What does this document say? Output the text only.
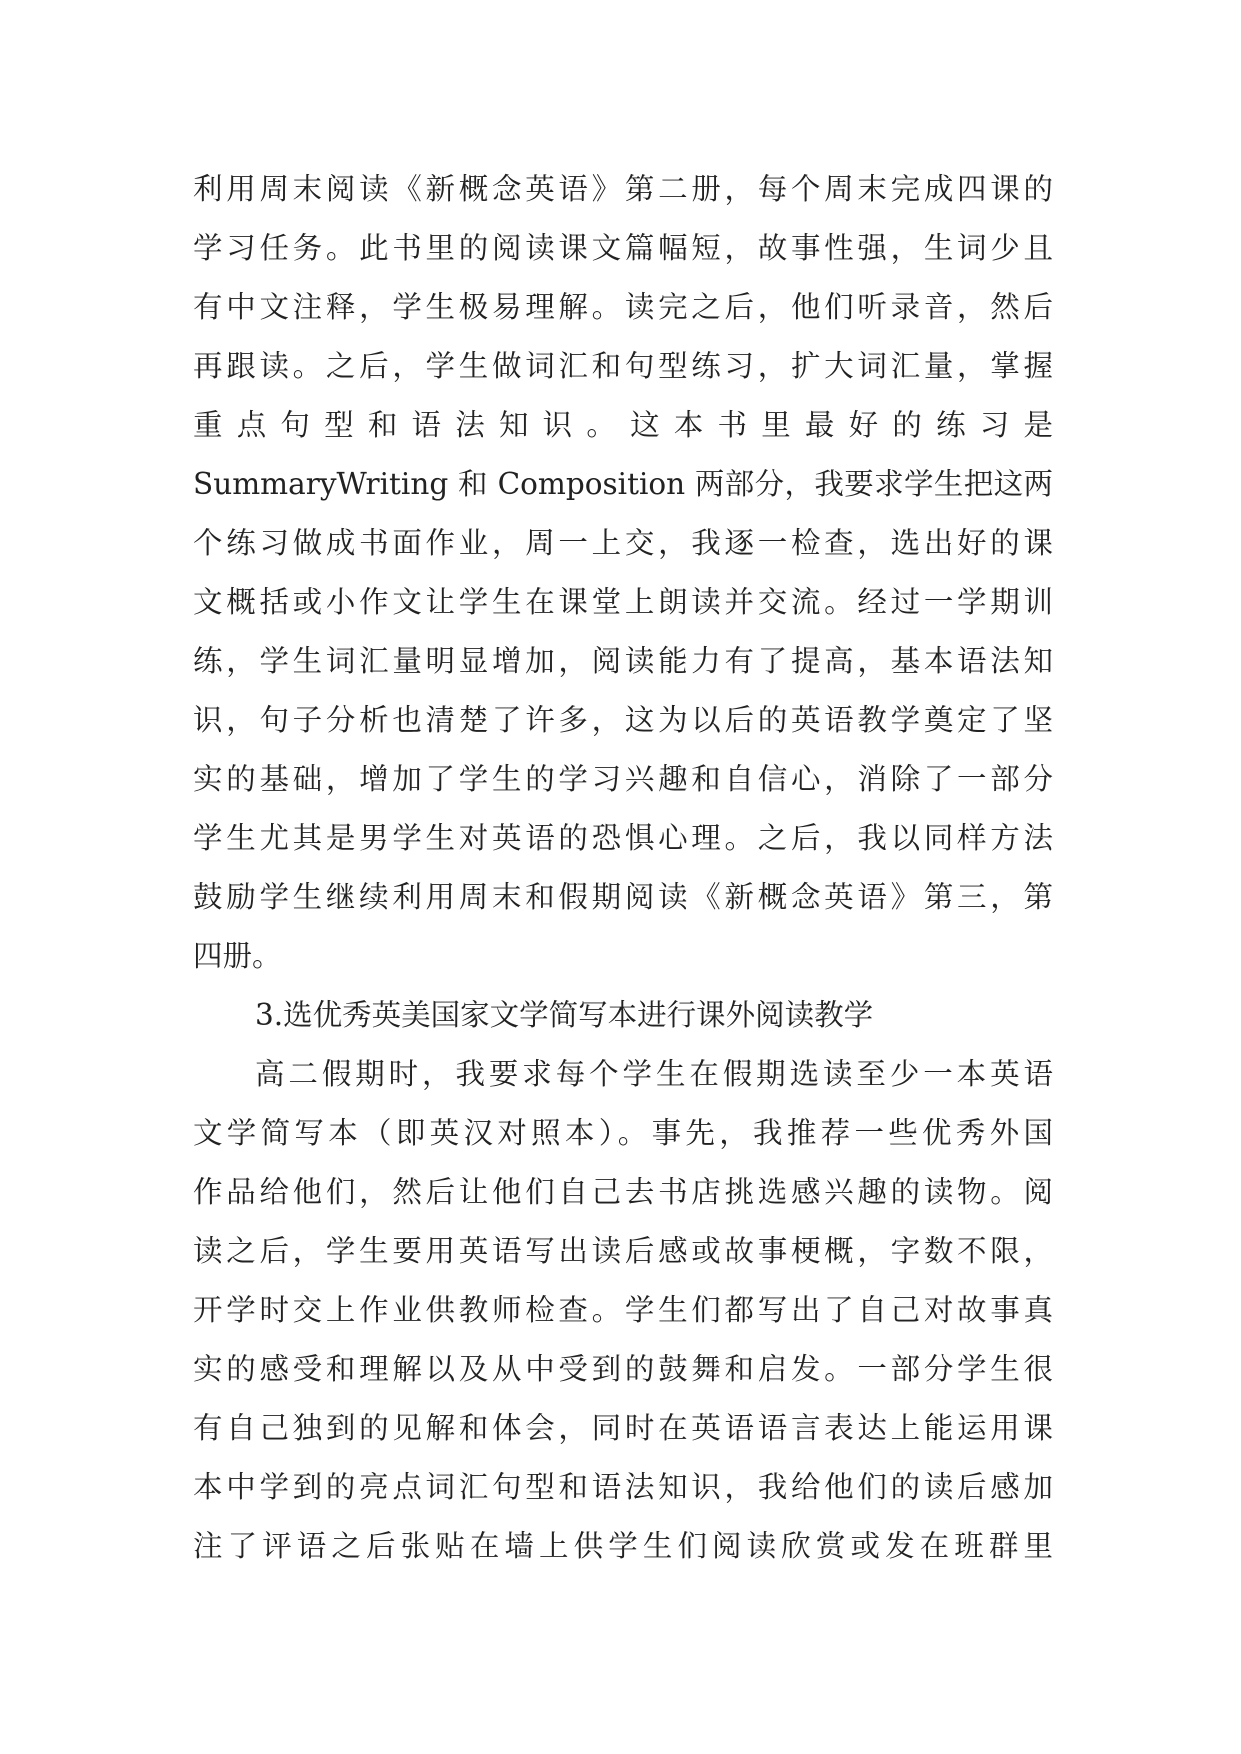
利用周末阅读《新概念英语》第二册，每个周末完成四课的
学习任务。此书里的阅读课文篇幅短，故事性强，生词少且
有中文注释，学生极易理解。读完之后，他们听录音，然后
再跟读。之后，学生做词汇和句型练习，扩大词汇量，掌握
重点句型和语法知识。这本书里最好的练习是
SummaryWriting 和 Composition 两部分，我要求学生把这两
个练习做成书面作业，周一上交，我逐一检查，选出好的课
文概括或小作文让学生在课堂上朗读并交流。经过一学期训
练，学生词汇量明显增加，阅读能力有了提高，基本语法知
识，句子分析也清楚了许多，这为以后的英语教学奠定了坚
实的基础，增加了学生的学习兴趣和自信心，消除了一部分
学生尤其是男学生对英语的恐惧心理。之后，我以同样方法
鼓励学生继续利用周末和假期阅读《新概念英语》第三，第
四册。
3.选优秀英美国家文学简写本进行课外阅读教学
高二假期时，我要求每个学生在假期选读至少一本英语
文学简写本（即英汉对照本）。事先，我推荐一些优秀外国
作品给他们，然后让他们自己去书店挑选感兴趣的读物。阅
读之后，学生要用英语写出读后感或故事梗概，字数不限，
开学时交上作业供教师检查。学生们都写出了自己对故事真
实的感受和理解以及从中受到的鼓舞和启发。一部分学生很
有自己独到的见解和体会，同时在英语语言表达上能运用课
本中学到的亮点词汇句型和语法知识，我给他们的读后感加
注了评语之后张贴在墙上供学生们阅读欣赏或发在班群里
